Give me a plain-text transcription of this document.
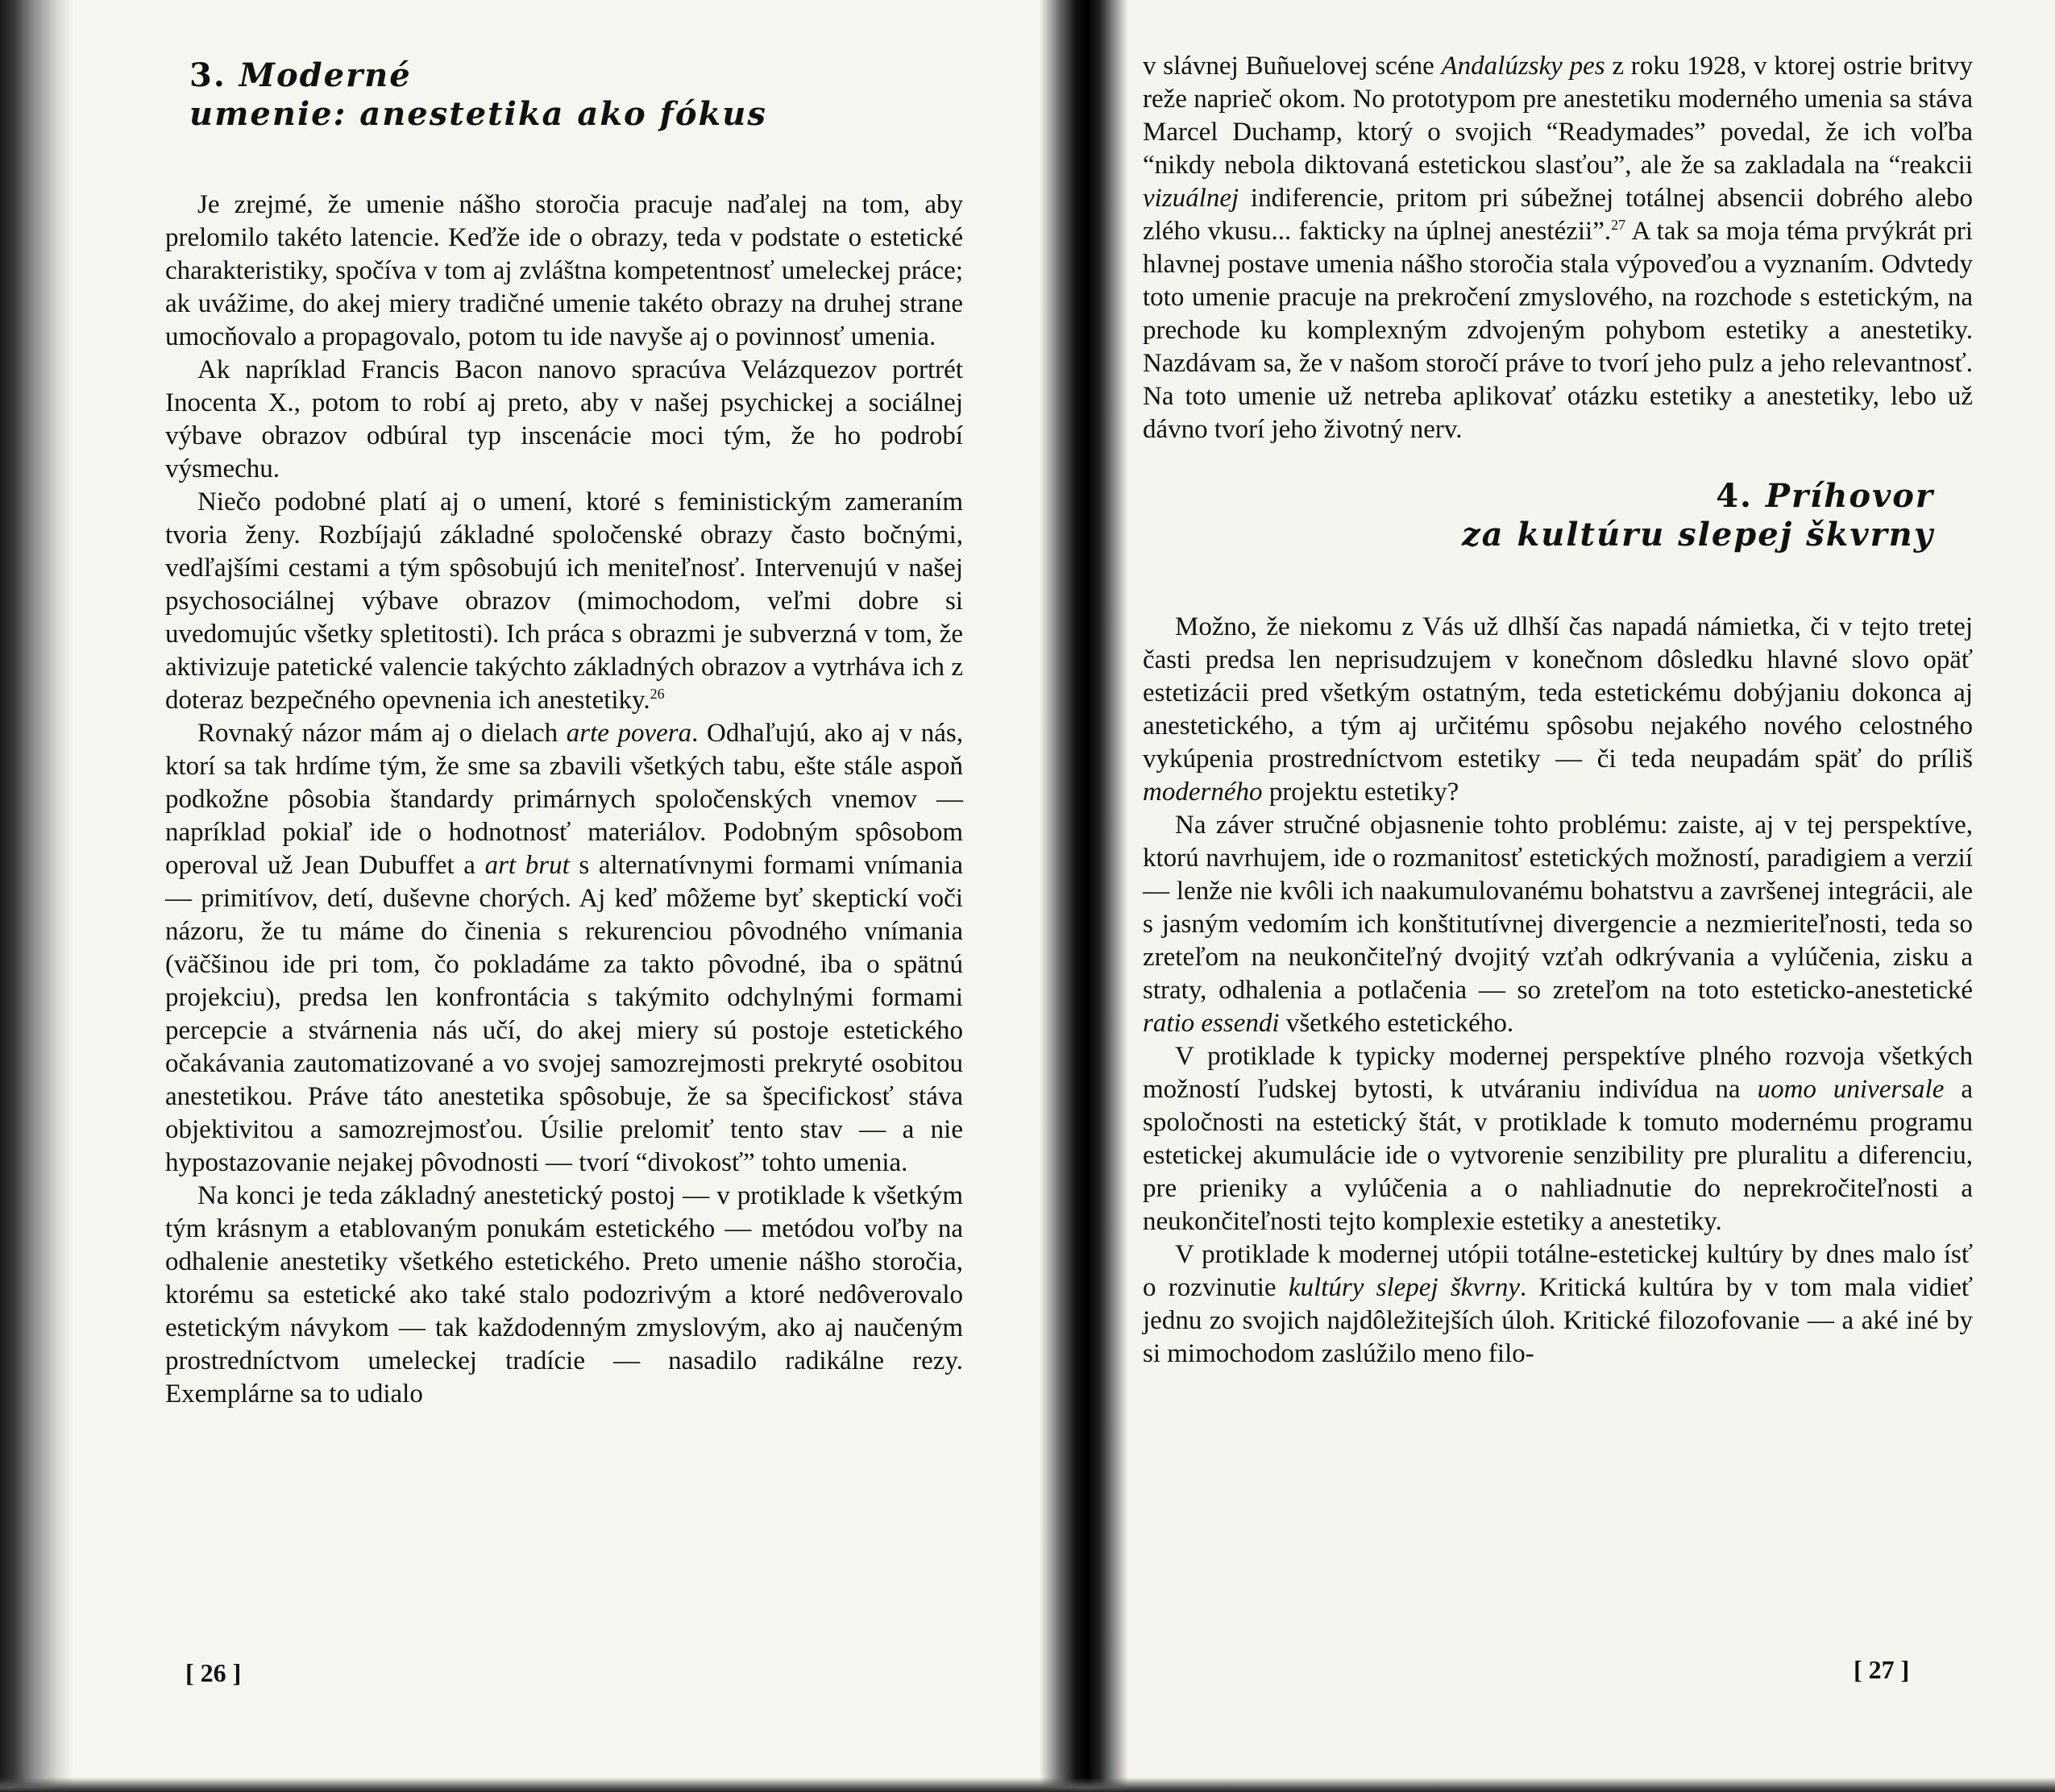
3. Moderné
umenie: anestetika ako fókus

Je zrejmé, že umenie nášho storočia pracuje naďalej na tom, aby prelomilo takéto latencie. Keďže ide o obrazy, teda v podstate o estetické charakteristiky, spočíva v tom aj zvláštna kompetentnosť umeleckej práce; ak uvážime, do akej miery tradičné umenie takéto obrazy na druhej strane umocňovalo a propagovalo, potom tu ide navyše aj o povinnosť umenia.

Ak napríklad Francis Bacon nanovo spracúva Velázquezov portrét Inocenta X., potom to robí aj preto, aby v našej psychickej a sociálnej výbave obrazov odbúral typ inscenácie moci tým, že ho podrobí výsmechu.

Niečo podobné platí aj o umení, ktoré s feministickým zameraním tvoria ženy. Rozbíjajú základné spoločenské obrazy často bočnými, vedľajšími cestami a tým spôsobujú ich meniteľnosť. Intervenujú v našej psychosociálnej výbave obrazov (mimochodom, veľmi dobre si uvedomujúc všetky spletitosti). Ich práca s obrazmi je subverzná v tom, že aktivizuje patetické valencie takýchto základných obrazov a vytrháva ich z doteraz bezpečného opevnenia ich anestetiky.$^{26}$

Rovnaký názor mám aj o dielach arte povera. Odhaľujú, ako aj v nás, ktorí sa tak hrdíme tým, že sme sa zbavili všetkých tabu, ešte stále aspoň podkožne pôsobia štandardy primárnych spoločenských vnemov — napríklad pokiaľ ide o hodnotnosť materiálov. Podobným spôsobom operoval už Jean Dubuffet a art brut s alternatívnymi formami vnímania — primitívov, detí, duševne chorých. Aj keď môžeme byť skeptickí voči názoru, že tu máme do činenia s rekurenciou pôvodného vnímania (väčšinou ide pri tom, čo pokladáme za takto pôvodné, iba o spätnú projekciu), predsa len konfrontácia s takýmito odchylnými formami percepcie a stvárnenia nás učí, do akej miery sú postoje estetického očakávania zautomatizované a vo svojej samozrejmosti prekryté osobitou anestetikou. Práve táto anestetika spôsobuje, že sa špecifickosť stáva objektivitou a samozrejmosťou. Úsilie prelomiť tento stav — a nie hypostazovanie nejakej pôvodnosti — tvorí “divokosť” tohto umenia.

Na konci je teda základný anestetický postoj — v protiklade k všetkým tým krásnym a etablovaným ponukám estetického — metódou voľby na odhalenie anestetiky všetkého estetického. Preto umenie nášho storočia, ktorému sa estetické ako také stalo podozrivým a ktoré nedôverovalo estetickým návykom — tak každodenným zmyslovým, ako aj naučeným prostredníctvom umeleckej tradície — nasadilo radikálne rezy. Exemplárne sa to udialo

[ 26 ]

v slávnej Buñuelovej scéne Andalúzsky pes z roku 1928, v ktorej ostrie britvy reže naprieč okom. No prototypom pre anestetiku moderného umenia sa stáva Marcel Duchamp, ktorý o svojich “Readymades” povedal, že ich voľba “nikdy nebola diktovaná estetickou slasťou”, ale že sa zakladala na “reakcii vizuálnej indiferencie, pritom pri súbežnej totálnej absencii dobrého alebo zlého vkusu... fakticky na úplnej anestézii”.$^{27}$ A tak sa moja téma prvýkrát pri hlavnej postave umenia nášho storočia stala výpoveďou a vyznaním. Odvtedy toto umenie pracuje na prekročení zmyslového, na rozchode s estetickým, na prechode ku komplexným zdvojeným pohybom estetiky a anestetiky. Nazdávam sa, že v našom storočí práve to tvorí jeho pulz a jeho relevantnosť. Na toto umenie už netreba aplikovať otázku estetiky a anestetiky, lebo už dávno tvorí jeho životný nerv.

4. Príhovor
za kultúru slepej škvrny

Možno, že niekomu z Vás už dlhší čas napadá námietka, či v tejto tretej časti predsa len neprisudzujem v konečnom dôsledku hlavné slovo opäť estetizácii pred všetkým ostatným, teda estetickému dobýjaniu dokonca aj anestetického, a tým aj určitému spôsobu nejakého nového celostného vykúpenia prostredníctvom estetiky — či teda neupadám späť do príliš moderného projektu estetiky?

Na záver stručné objasnenie tohto problému: zaiste, aj v tej perspektíve, ktorú navrhujem, ide o rozmanitosť estetických možností, paradigiem a verzií — lenže nie kvôli ich naakumulovanému bohatstvu a završenej integrácii, ale s jasným vedomím ich konštitutívnej divergencie a nezmieriteľnosti, teda so zreteľom na neukončiteľný dvojitý vzťah odkrývania a vylúčenia, zisku a straty, odhalenia a potlačenia — so zreteľom na toto esteticko-anestetické ratio essendi všetkého estetického.

V protiklade k typicky modernej perspektíve plného rozvoja všetkých možností ľudskej bytosti, k utváraniu indivídua na uomo universale a spoločnosti na estetický štát, v protiklade k tomuto modernému programu estetickej akumulácie ide o vytvorenie senzibility pre pluralitu a diferenciu, pre prieniky a vylúčenia a o nahliadnutie do neprekročiteľnosti a neukončiteľnosti tejto komplexie estetiky a anestetiky.

V protiklade k modernej utópii totálne-estetickej kultúry by dnes malo ísť o rozvinutie kultúry slepej škvrny. Kritická kultúra by v tom mala vidieť jednu zo svojich najdôležitejších úloh. Kritické filozofovanie — a aké iné by si mimochodom zaslúžilo meno filo-

[ 27 ]
